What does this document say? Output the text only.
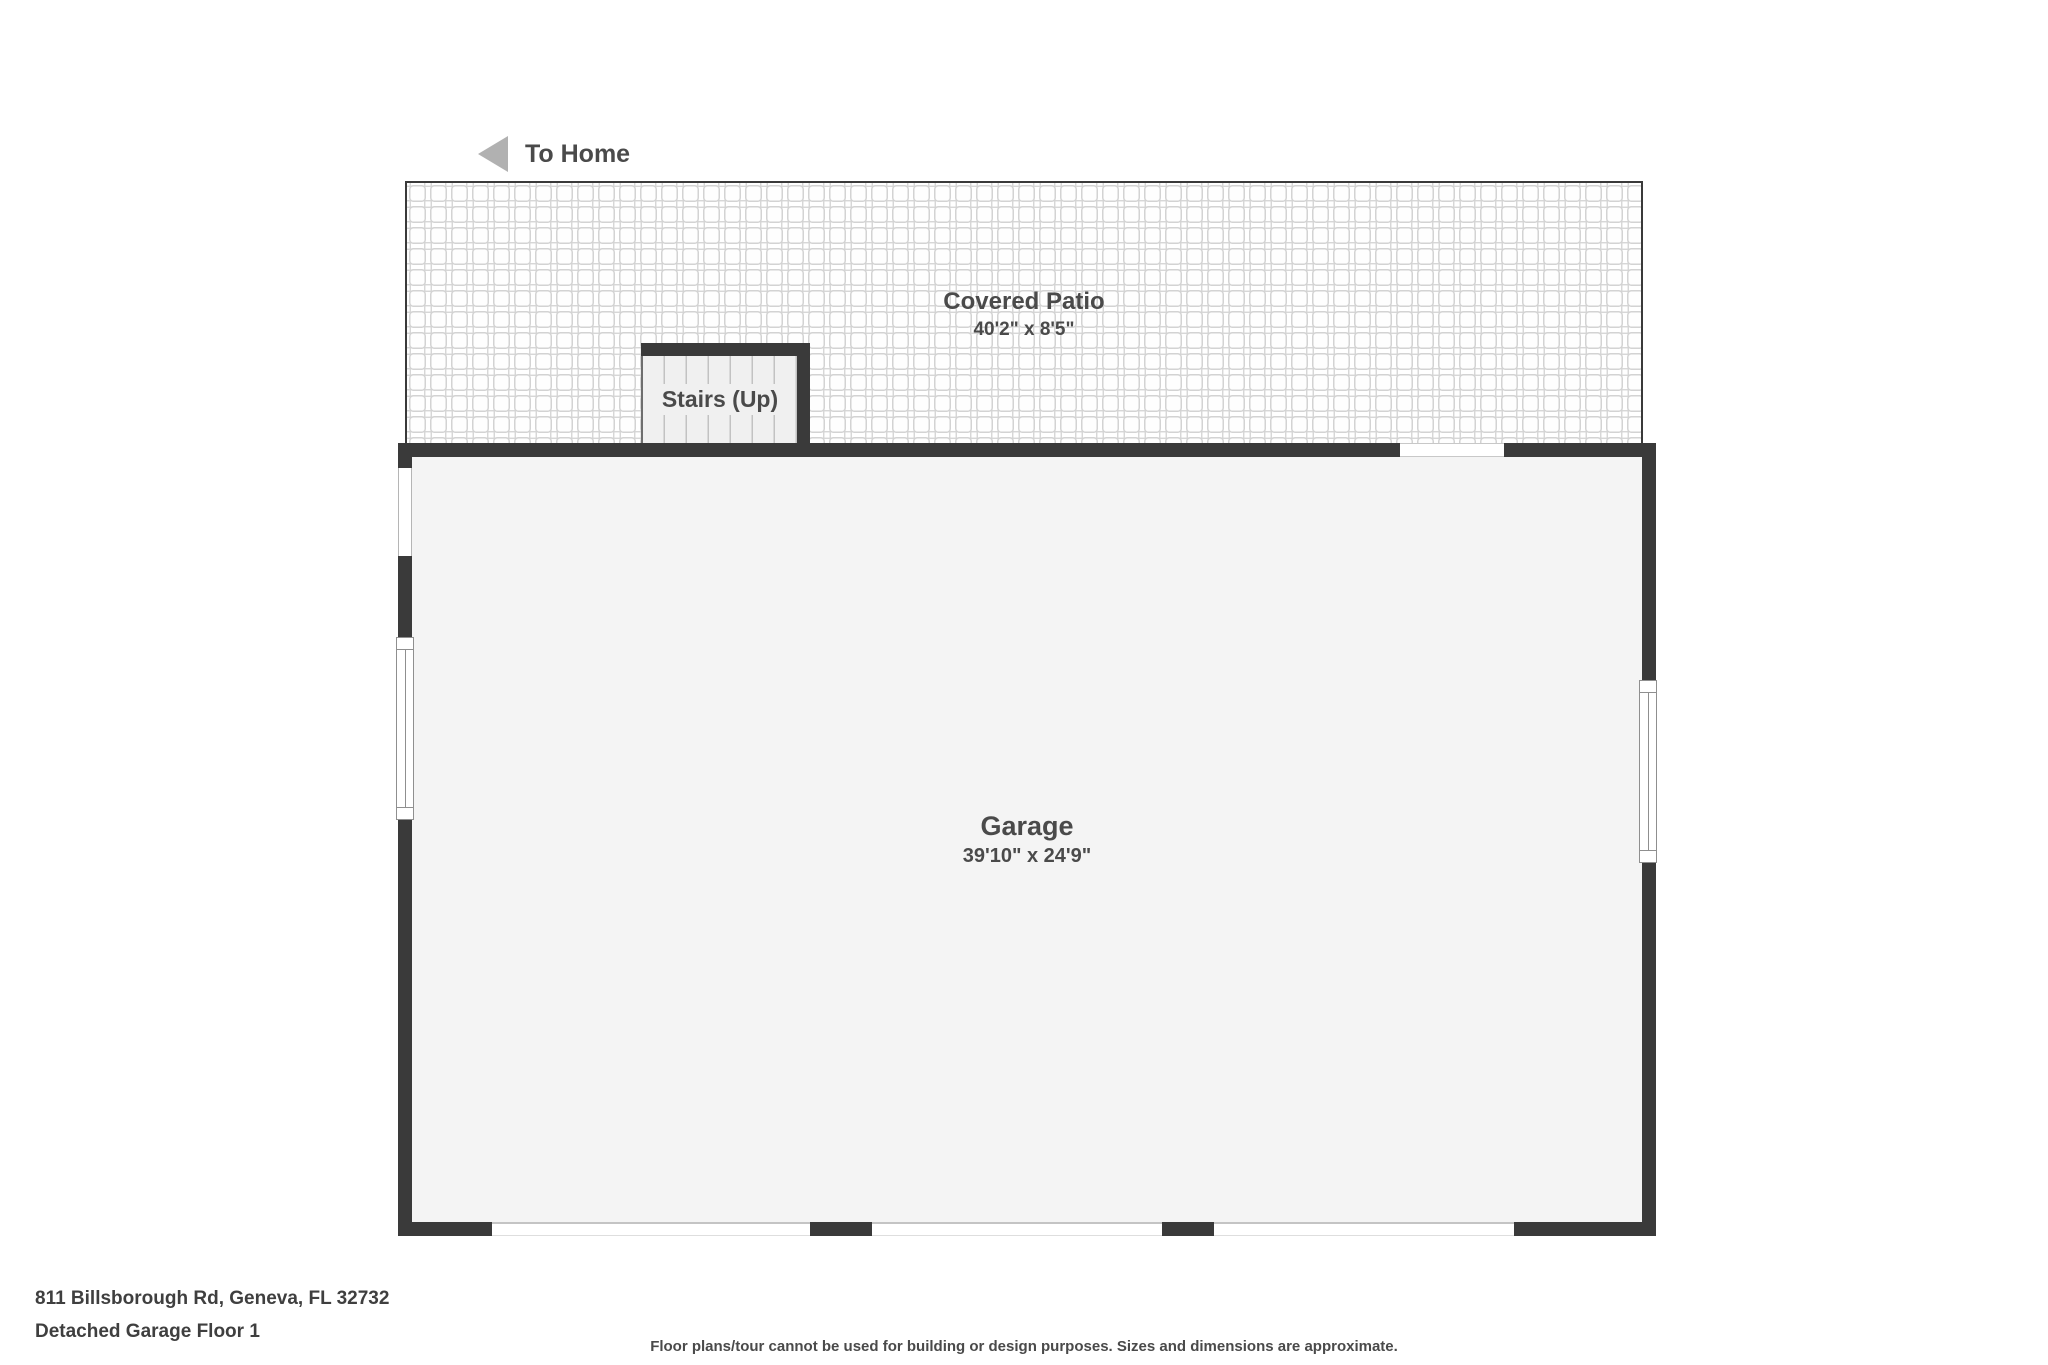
To Home
Covered Patio
40'2" x 8'5"
Garage
39'10" x 24'9"
Stairs (Up)
811 Billsborough Rd, Geneva, FL 32732
Detached Garage Floor 1
Floor plans/tour cannot be used for building or design purposes. Sizes and dimensions are approximate.
